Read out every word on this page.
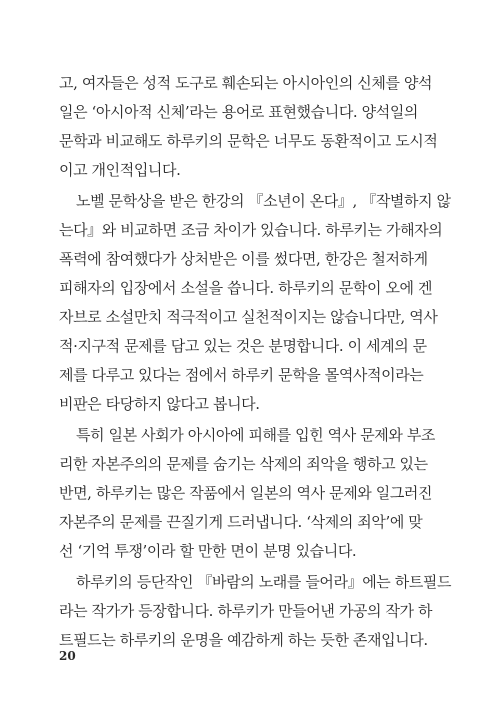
고, 여자들은 성적 도구로 훼손되는 아시아인의 신체를 양석
일은 ‘아시아적 신체’라는 용어로 표현했습니다. 양석일의
문학과 비교해도 하루키의 문학은 너무도 동환적이고 도시적
이고 개인적입니다.
노벨 문학상을 받은 한강의 『소년이 온다』, 『작별하지 않
는다』와 비교하면 조금 차이가 있습니다. 하루키는 가해자의
폭력에 참여했다가 상처받은 이를 썼다면, 한강은 철저하게
피해자의 입장에서 소설을 씁니다. 하루키의 문학이 오에 겐
자브로 소설만치 적극적이고 실천적이지는 않습니다만, 역사
적·지구적 문제를 담고 있는 것은 분명합니다. 이 세계의 문
제를 다루고 있다는 점에서 하루키 문학을 몰역사적이라는
비판은 타당하지 않다고 봅니다.
특히 일본 사회가 아시아에 피해를 입힌 역사 문제와 부조
리한 자본주의의 문제를 숨기는 삭제의 죄악을 행하고 있는
반면, 하루키는 많은 작품에서 일본의 역사 문제와 일그러진
자본주의 문제를 끈질기게 드러냅니다. ‘삭제의 죄악’에 맞
선 ‘기억 투쟁’이라 할 만한 면이 분명 있습니다.
하루키의 등단작인 『바람의 노래를 들어라』에는 하트필드
라는 작가가 등장합니다. 하루키가 만들어낸 가공의 작가 하
트필드는 하루키의 운명을 예감하게 하는 듯한 존재입니다.
20
